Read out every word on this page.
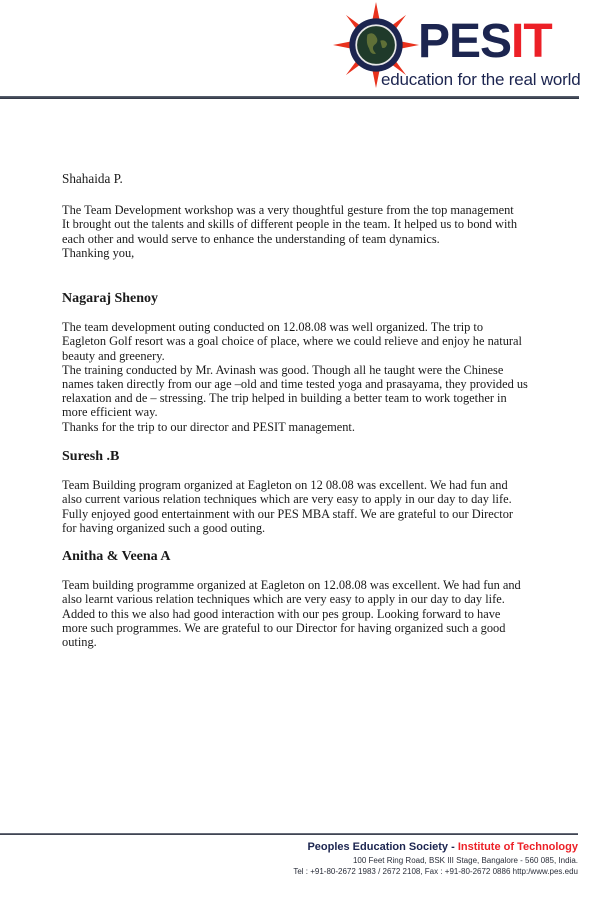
PESIT
education for the real world
Shahaida P.
The Team Development workshop was a very thoughtful gesture from the top management
It brought out the talents and skills of different people in the team. It helped us to bond with
each other and would serve to enhance the understanding of team dynamics.
Thanking you,
Nagaraj Shenoy
The team development outing conducted on 12.08.08 was well organized. The trip to
Eagleton Golf resort was a goal choice of place, where we could relieve and enjoy he natural
beauty and greenery.
The training conducted by Mr. Avinash was good. Though all he taught were the Chinese
names taken directly from our age –old and time tested yoga and prasayama, they provided us
relaxation and de – stressing. The trip helped in building a better team to work together in
more efficient way.
Thanks for the trip to our director and PESIT management.
Suresh .B
Team Building program organized at Eagleton on 12 08.08 was excellent. We had fun and
also current various relation techniques which are very easy to apply in our day to day life.
Fully enjoyed good entertainment with our PES MBA staff. We are grateful to our Director
for having organized such a good outing.
Anitha & Veena A
Team building programme organized at Eagleton on 12.08.08 was excellent. We had fun and
also learnt various relation techniques which are very easy to apply in our day to day life.
Added to this we also had good interaction with our pes group. Looking forward to have
more such programmes. We are grateful to our Director for having organized such a good
outing.
Peoples Education Society - Institute of Technology
100 Feet Ring Road, BSK III Stage, Bangalore - 560 085, India.
Tel : +91-80-2672 1983 / 2672 2108, Fax : +91-80-2672 0886 http:/www.pes.edu
